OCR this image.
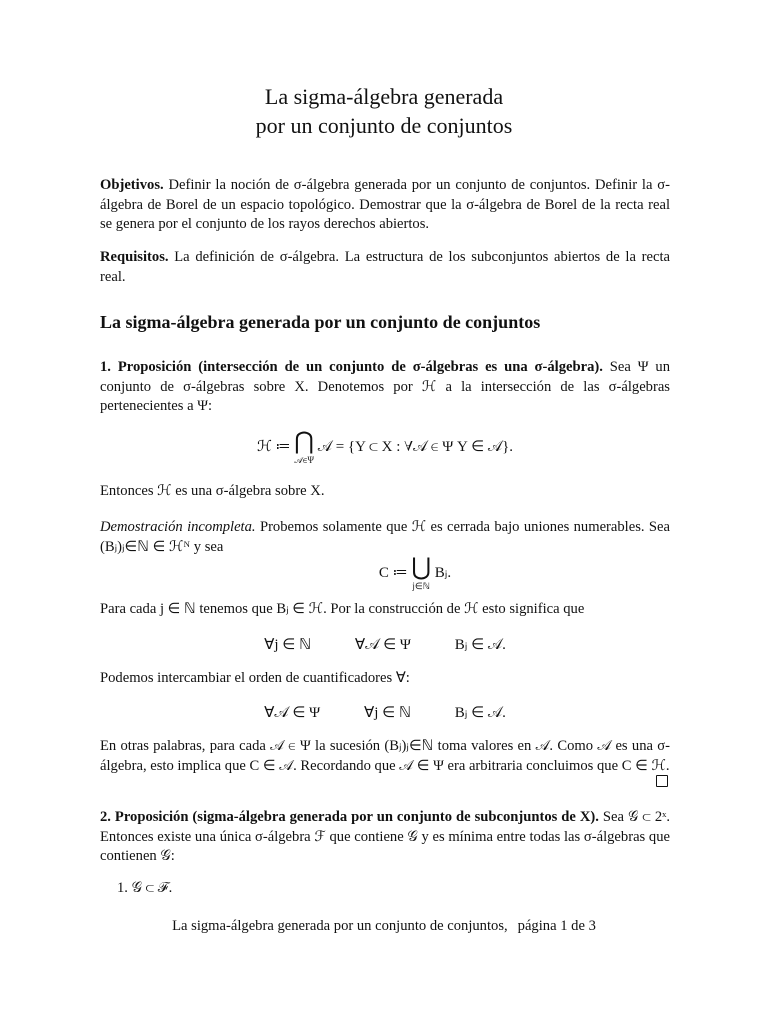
La sigma-álgebra generada
por un conjunto de conjuntos
Objetivos. Definir la noción de σ-álgebra generada por un conjunto de conjuntos. Definir la σ-álgebra de Borel de un espacio topológico. Demostrar que la σ-álgebra de Borel de la recta real se genera por el conjunto de los rayos derechos abiertos.
Requisitos. La definición de σ-álgebra. La estructura de los subconjuntos abiertos de la recta real.
La sigma-álgebra generada por un conjunto de conjuntos
1. Proposición (intersección de un conjunto de σ-álgebras es una σ-álgebra). Sea Ψ un conjunto de σ-álgebras sobre X. Denotemos por ℋ a la intersección de las σ-álgebras pertenecientes a Ψ:
ℋ ≔ ⋂
𝒜∈Ψ
𝒜 = {Y ⊂ X : ∀𝒜 ∈ Ψ Y ∈ 𝒜}.
Entonces ℋ es una σ-álgebra sobre X.
Demostración incompleta. Probemos solamente que ℋ es cerrada bajo uniones numerables. Sea (Bⱼ)ⱼ∈ℕ ∈ ℋᴺ y sea
C ≔ ⋃
j∈ℕ
Bⱼ.
Para cada j ∈ ℕ tenemos que Bⱼ ∈ ℋ. Por la construcción de ℋ esto significa que
∀j ∈ ℕ	∀𝒜 ∈ Ψ	Bⱼ ∈ 𝒜.
Podemos intercambiar el orden de cuantificadores ∀:
∀𝒜 ∈ Ψ	∀j ∈ ℕ	Bⱼ ∈ 𝒜.
En otras palabras, para cada 𝒜 ∈ Ψ la sucesión (Bⱼ)ⱼ∈ℕ toma valores en 𝒜. Como 𝒜 es una σ-álgebra, esto implica que C ∈ 𝒜. Recordando que 𝒜 ∈ Ψ era arbitraria concluimos que C ∈ ℋ.
2. Proposición (sigma-álgebra generada por un conjunto de subconjuntos de X). Sea 𝒢 ⊂ 2ˣ. Entonces existe una única σ-álgebra ℱ que contiene 𝒢 y es mínima entre todas las σ-álgebras que contienen 𝒢:
1. 𝒢 ⊂ ℱ.
La sigma-álgebra generada por un conjunto de conjuntos, página 1 de 3
